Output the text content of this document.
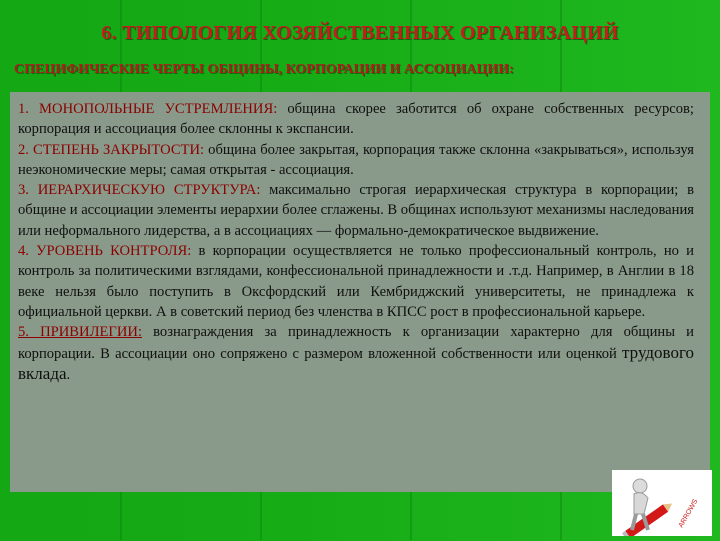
6. ТИПОЛОГИЯ ХОЗЯЙСТВЕННЫХ ОРГАНИЗАЦИЙ
СПЕЦИФИЧЕСКИЕ ЧЕРТЫ ОБЩИНЫ, КОРПОРАЦИИ И АССОЦИАЦИИ:

1. МОНОПОЛЬНЫЕ УСТРЕМЛЕНИЯ: община скорее заботится об охране собственных ресурсов; корпорация и ассоциация более склонны к экспансии.

2. СТЕПЕНЬ ЗАКРЫТОСТИ: община более закрытая, корпорация также склонна «закрываться», используя неэкономические меры; самая открытая - ассоциация.

3. ИЕРАРХИЧЕСКУЮ СТРУКТУРА: максимально строгая иерархическая структура в корпорации; в общине и ассоциации элементы иерархии более сглажены. В общинах используют механизмы наследования или неформального лидерства, а в ассоциациях — формально-демократическое выдвижение.

4. УРОВЕНЬ КОНТРОЛЯ: в корпорации осуществляется не только профессиональный контроль, но и контроль за политическими взглядами, конфессиональной принадлежности и .т.д. Например, в Англии в 18 веке нельзя было поступить в Оксфордский или Кембриджский университеты, не принадлежа к официальной церкви. А в советский период без членства в КПСС рост в профессиональной карьере.

5. ПРИВИЛЕГИИ: вознаграждения за принадлежность к организации характерно для общины и корпорации. В ассоциации оно сопряжено с размером вложенной собственности или оценкой трудового вклада.

ARROWS
